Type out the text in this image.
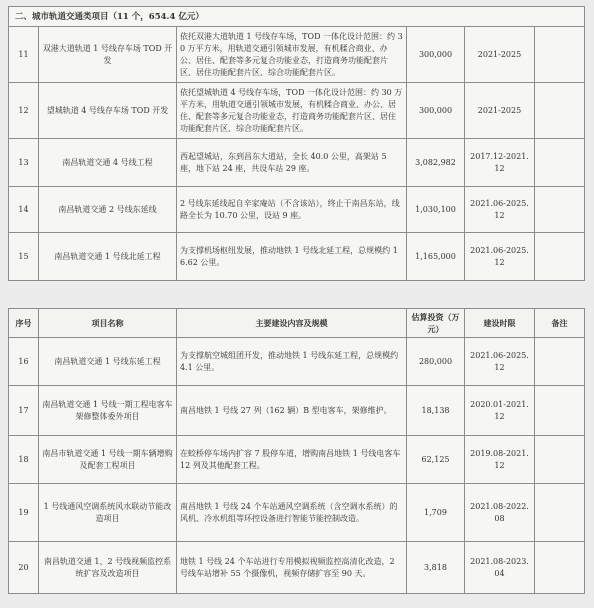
二、城市轨道交通类项目（11 个，654.4 亿元）					
11	双港大道轨道 1 号线存车场 TOD 开发	依托双港大道轨道 1 号线存车场，TOD 一体化设计范围：约 30 万平方米，用轨道交通引领城市发展，有机糅合商业、办公、居住、配套等多元复合功能业态，打造商务功能配套片区、居住功能配套片区、综合功能配套片区。	300,000	2021-2025	
12	望城轨道 4 号线存车场 TOD 开发	依托望城轨道 4 号线存车场，TOD 一体化设计范围：约 30 万平方米，用轨道交通引领城市发展，有机糅合商业、办公、居住、配套等多元复合功能业态，打造商务功能配套片区、居住功能配套片区、综合功能配套片区。	300,000	2021-2025	
13	南昌轨道交通 4 号线工程	西起望城站，东到昌东大道站，全长 40.0 公里，高架站 5 座，地下站 24 座，共设车站 29 座。	3,082,982	2017.12-2021.12	
14	南昌轨道交通 2 号线东延线	2 号线东延线起自辛家庵站（不含该站），终止于南昌东站，线路全长为 10.70 公里，设站 9 座。	1,030,100	2021.06-2025.12	
15	南昌轨道交通 1 号线北延工程	为支撑机场枢纽发展，推动地铁 1 号线北延工程，总规模约 16.62 公里。	1,165,000	2021.06-2025.12	
序号	项目名称	主要建设内容及规模	估算投资（万元）	建设时限	备注
16	南昌轨道交通 1 号线东延工程	为支撑航空城组团开发，推动地铁 1 号线东延工程，总规模约 4.1 公里。	280,000	2021.06-2025.12	
17	南昌轨道交通 1 号线一期工程电客车架修整体委外项目	南昌地铁 1 号线 27 列（162 辆）B 型电客车，架修维护。	18,138	2020.01-2021.12	
18	南昌市轨道交通 1 号线一期车辆增购及配套工程项目	在蛟桥停车场内扩容 7 股停车道，增购南昌地铁 1 号线电客车 12 列及其他配套工程。	62,125	2019.08-2021.12	
19	1 号线通风空调系统风水联动节能改造项目	南昌地铁 1 号线 24 个车站通风空调系统（含空调水系统）的风机、冷水机组等环控设备进行智能节能控制改造。	1,709	2021.08-2022.08	
20	南昌轨道交通 1、2 号线视频监控系统扩容及改造项目	地铁 1 号线 24 个车站进行专用模拟视频监控高清化改造，2 号线车站增补 55 个摄像机，视频存储扩容至 90 天。	3,818	2021.08-2023.04	
